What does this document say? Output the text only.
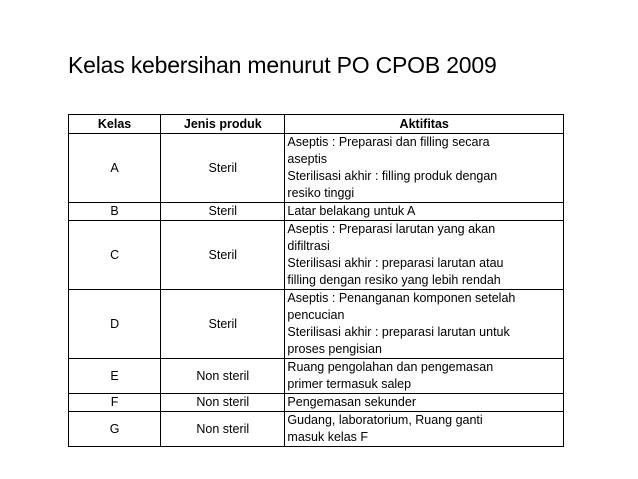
Kelas kebersihan menurut PO CPOB 2009
Kelas	Jenis produk	Aktifitas
A	Steril	Aseptis : Preparasi dan filling secara
aseptis
Sterilisasi akhir : filling produk dengan
resiko tinggi

B	Steril	Latar belakang untuk A

C	Steril	Aseptis : Preparasi larutan yang akan
difiltrasi
Sterilisasi akhir : preparasi larutan atau
filling dengan resiko yang lebih rendah

D	Steril	Aseptis : Penanganan komponen setelah
pencucian
Sterilisasi akhir : preparasi larutan untuk
proses pengisian

E	Non steril	Ruang pengolahan dan pengemasan
primer termasuk salep

F	Non steril	Pengemasan sekunder

G	Non steril	Gudang, laboratorium, Ruang ganti
masuk kelas F
